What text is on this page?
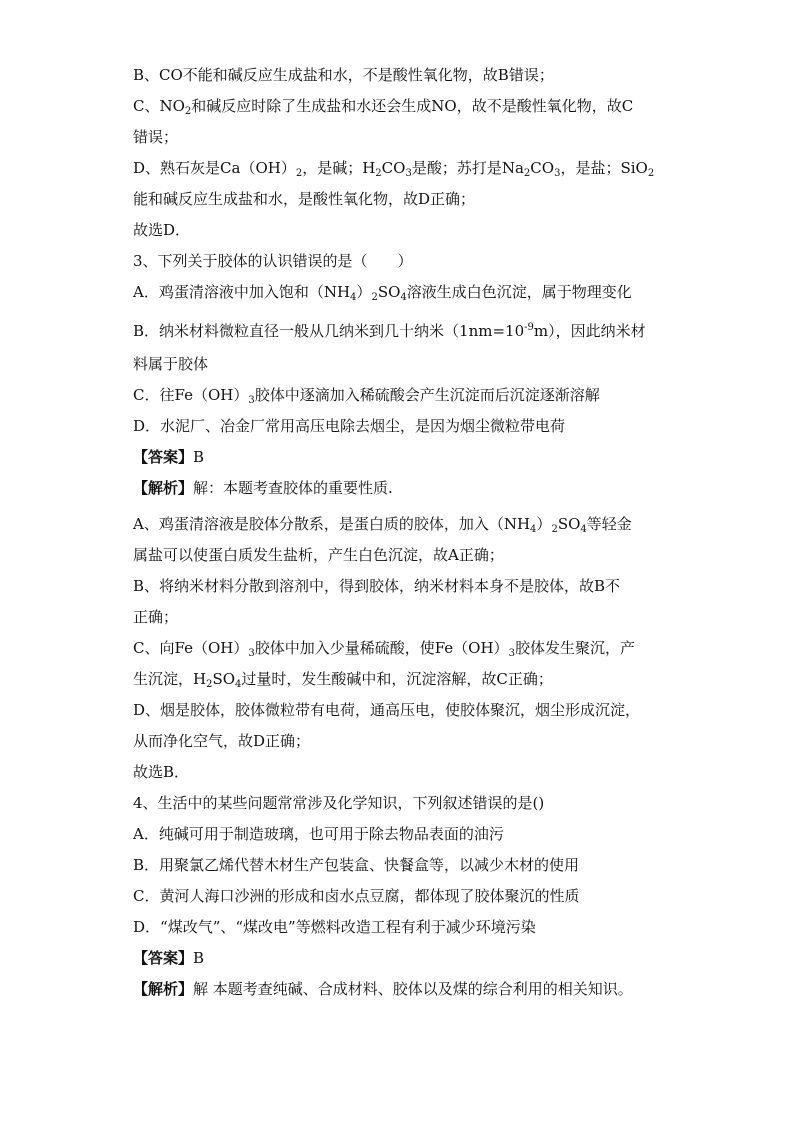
B、CO不能和碱反应生成盐和水，不是酸性氧化物，故B错误；
C、$NO_2$和碱反应时除了生成盐和水还会生成NO，故不是酸性氧化物，故C
错误；
D、熟石灰是$Ca(OH)_2$，是碱；$H_2CO_3$是酸；苏打是$Na_2CO_3$，是盐；SiO$_2$
能和碱反应生成盐和水，是酸性氧化物，故D正确；
故选D．
3、下列关于胶体的认识错误的是（　　）
A．鸡蛋清溶液中加入饱和$(NH_4)_2SO_4$溶液生成白色沉淀，属于物理变化
B．纳米材料微粒直径一般从几纳米到几十纳米$(1nm=10^{-9}m)$，因此纳米材
料属于胶体
C．往$Fe(OH)_3$胶体中逐滴加入稀硫酸会产生沉淀而后沉淀逐渐溶解
D．水泥厂、冶金厂常用高压电除去烟尘，是因为烟尘微粒带电荷
【答案】B
【解析】解：本题考查胶体的重要性质.
A、鸡蛋清溶液是胶体分散系，是蛋白质的胶体，加入$(NH_4)_2SO_4$等轻金
属盐可以使蛋白质发生盐析，产生白色沉淀，故A正确；
B、将纳米材料分散到溶剂中，得到胶体，纳米材料本身不是胶体，故B不
正确；
C、向$Fe(OH)_3$胶体中加入少量稀硫酸，使$Fe(OH)_3$胶体发生聚沉，产
生沉淀，$H_2SO_4$过量时，发生酸碱中和，沉淀溶解，故C正确；
D、烟是胶体，胶体微粒带有电荷，通高压电，使胶体聚沉，烟尘形成沉淀，
从而净化空气，故D正确；
故选B．
4、生活中的某些问题常常涉及化学知识，下列叙述错误的是()
A．纯碱可用于制造玻璃，也可用于除去物品表面的油污
B．用聚氯乙烯代替木材生产包装盒、快餐盒等，以减少木材的使用
C．黄河人海口沙洲的形成和卤水点豆腐，都体现了胶体聚沉的性质
D．“煤改气”、“煤改电”等燃料改造工程有利于减少环境污染
【答案】B
【解析】解 本题考查纯碱、合成材料、胶体以及煤的综合利用的相关知识。
